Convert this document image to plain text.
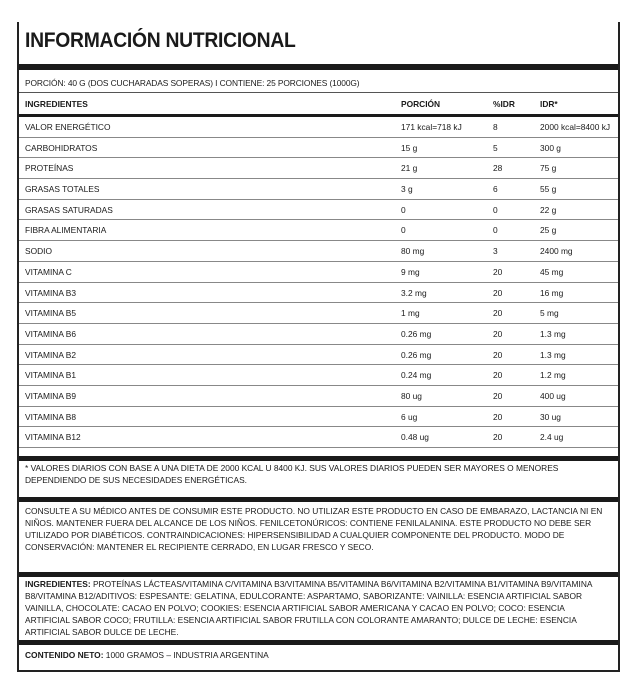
INFORMACIÓN NUTRICIONAL
PORCIÓN: 40 G (DOS CUCHARADAS SOPERAS) I CONTIENE: 25 PORCIONES (1000G)
INGREDIENTES	PORCIÓN	%IDR	IDR*
VALOR ENERGÉTICO	171 kcal=718 kJ	8	2000 kcal=8400 kJ
CARBOHIDRATOS	15 g	5	300 g
PROTEÍNAS	21 g	28	75 g
GRASAS TOTALES	3 g	6	55 g
GRASAS SATURADAS	0	0	22 g
FIBRA ALIMENTARIA	0	0	25 g
SODIO	80 mg	3	2400 mg
VITAMINA C	9 mg	20	45 mg
VITAMINA B3	3.2 mg	20	16 mg
VITAMINA B5	1 mg	20	5 mg
VITAMINA B6	0.26 mg	20	1.3 mg
VITAMINA B2	0.26 mg	20	1.3 mg
VITAMINA B1	0.24 mg	20	1.2 mg
VITAMINA B9	80 ug	20	400 ug
VITAMINA B8	6 ug	20	30 ug
VITAMINA B12	0.48 ug	20	2.4 ug
* VALORES DIARIOS CON BASE A UNA DIETA DE 2000 KCAL U 8400 KJ. SUS VALORES DIARIOS PUEDEN SER MAYORES O MENORES DEPENDIENDO DE SUS NECESIDADES ENERGÉTICAS.
CONSULTE A SU MÉDICO ANTES DE CONSUMIR ESTE PRODUCTO. NO UTILIZAR ESTE PRODUCTO EN CASO DE EMBARAZO, LACTANCIA NI EN NIÑOS. MANTENER FUERA DEL ALCANCE DE LOS NIÑOS. FENILCETONÚRICOS: CONTIENE FENILALANINA. ESTE PRODUCTO NO DEBE SER UTILIZADO POR DIABÉTICOS. CONTRAINDICACIONES: HIPERSENSIBILIDAD A CUALQUIER COMPONENTE DEL PRODUCTO. MODO DE CONSERVACIÓN: MANTENER EL RECIPIENTE CERRADO, EN LUGAR FRESCO Y SECO.
INGREDIENTES: PROTEÍNAS LÁCTEAS/VITAMINA C/VITAMINA B3/VITAMINA B5/VITAMINA B6/VITAMINA B2/VITAMINA B1/VITAMINA B9/VITAMINA B8/VITAMINA B12/ADITIVOS: ESPESANTE: GELATINA, EDULCORANTE: ASPARTAMO, SABORIZANTE: VAINILLA: ESENCIA ARTIFICIAL SABOR VAINILLA, CHOCOLATE: CACAO EN POLVO; COOKIES: ESENCIA ARTIFICIAL SABOR AMERICANA Y CACAO EN POLVO; COCO: ESENCIA ARTIFICIAL SABOR COCO; FRUTILLA: ESENCIA ARTIFICIAL SABOR FRUTILLA CON COLORANTE AMARANTO; DULCE DE LECHE: ESENCIA ARTIFICIAL SABOR DULCE DE LECHE.
CONTENIDO NETO: 1000 GRAMOS – INDUSTRIA ARGENTINA
